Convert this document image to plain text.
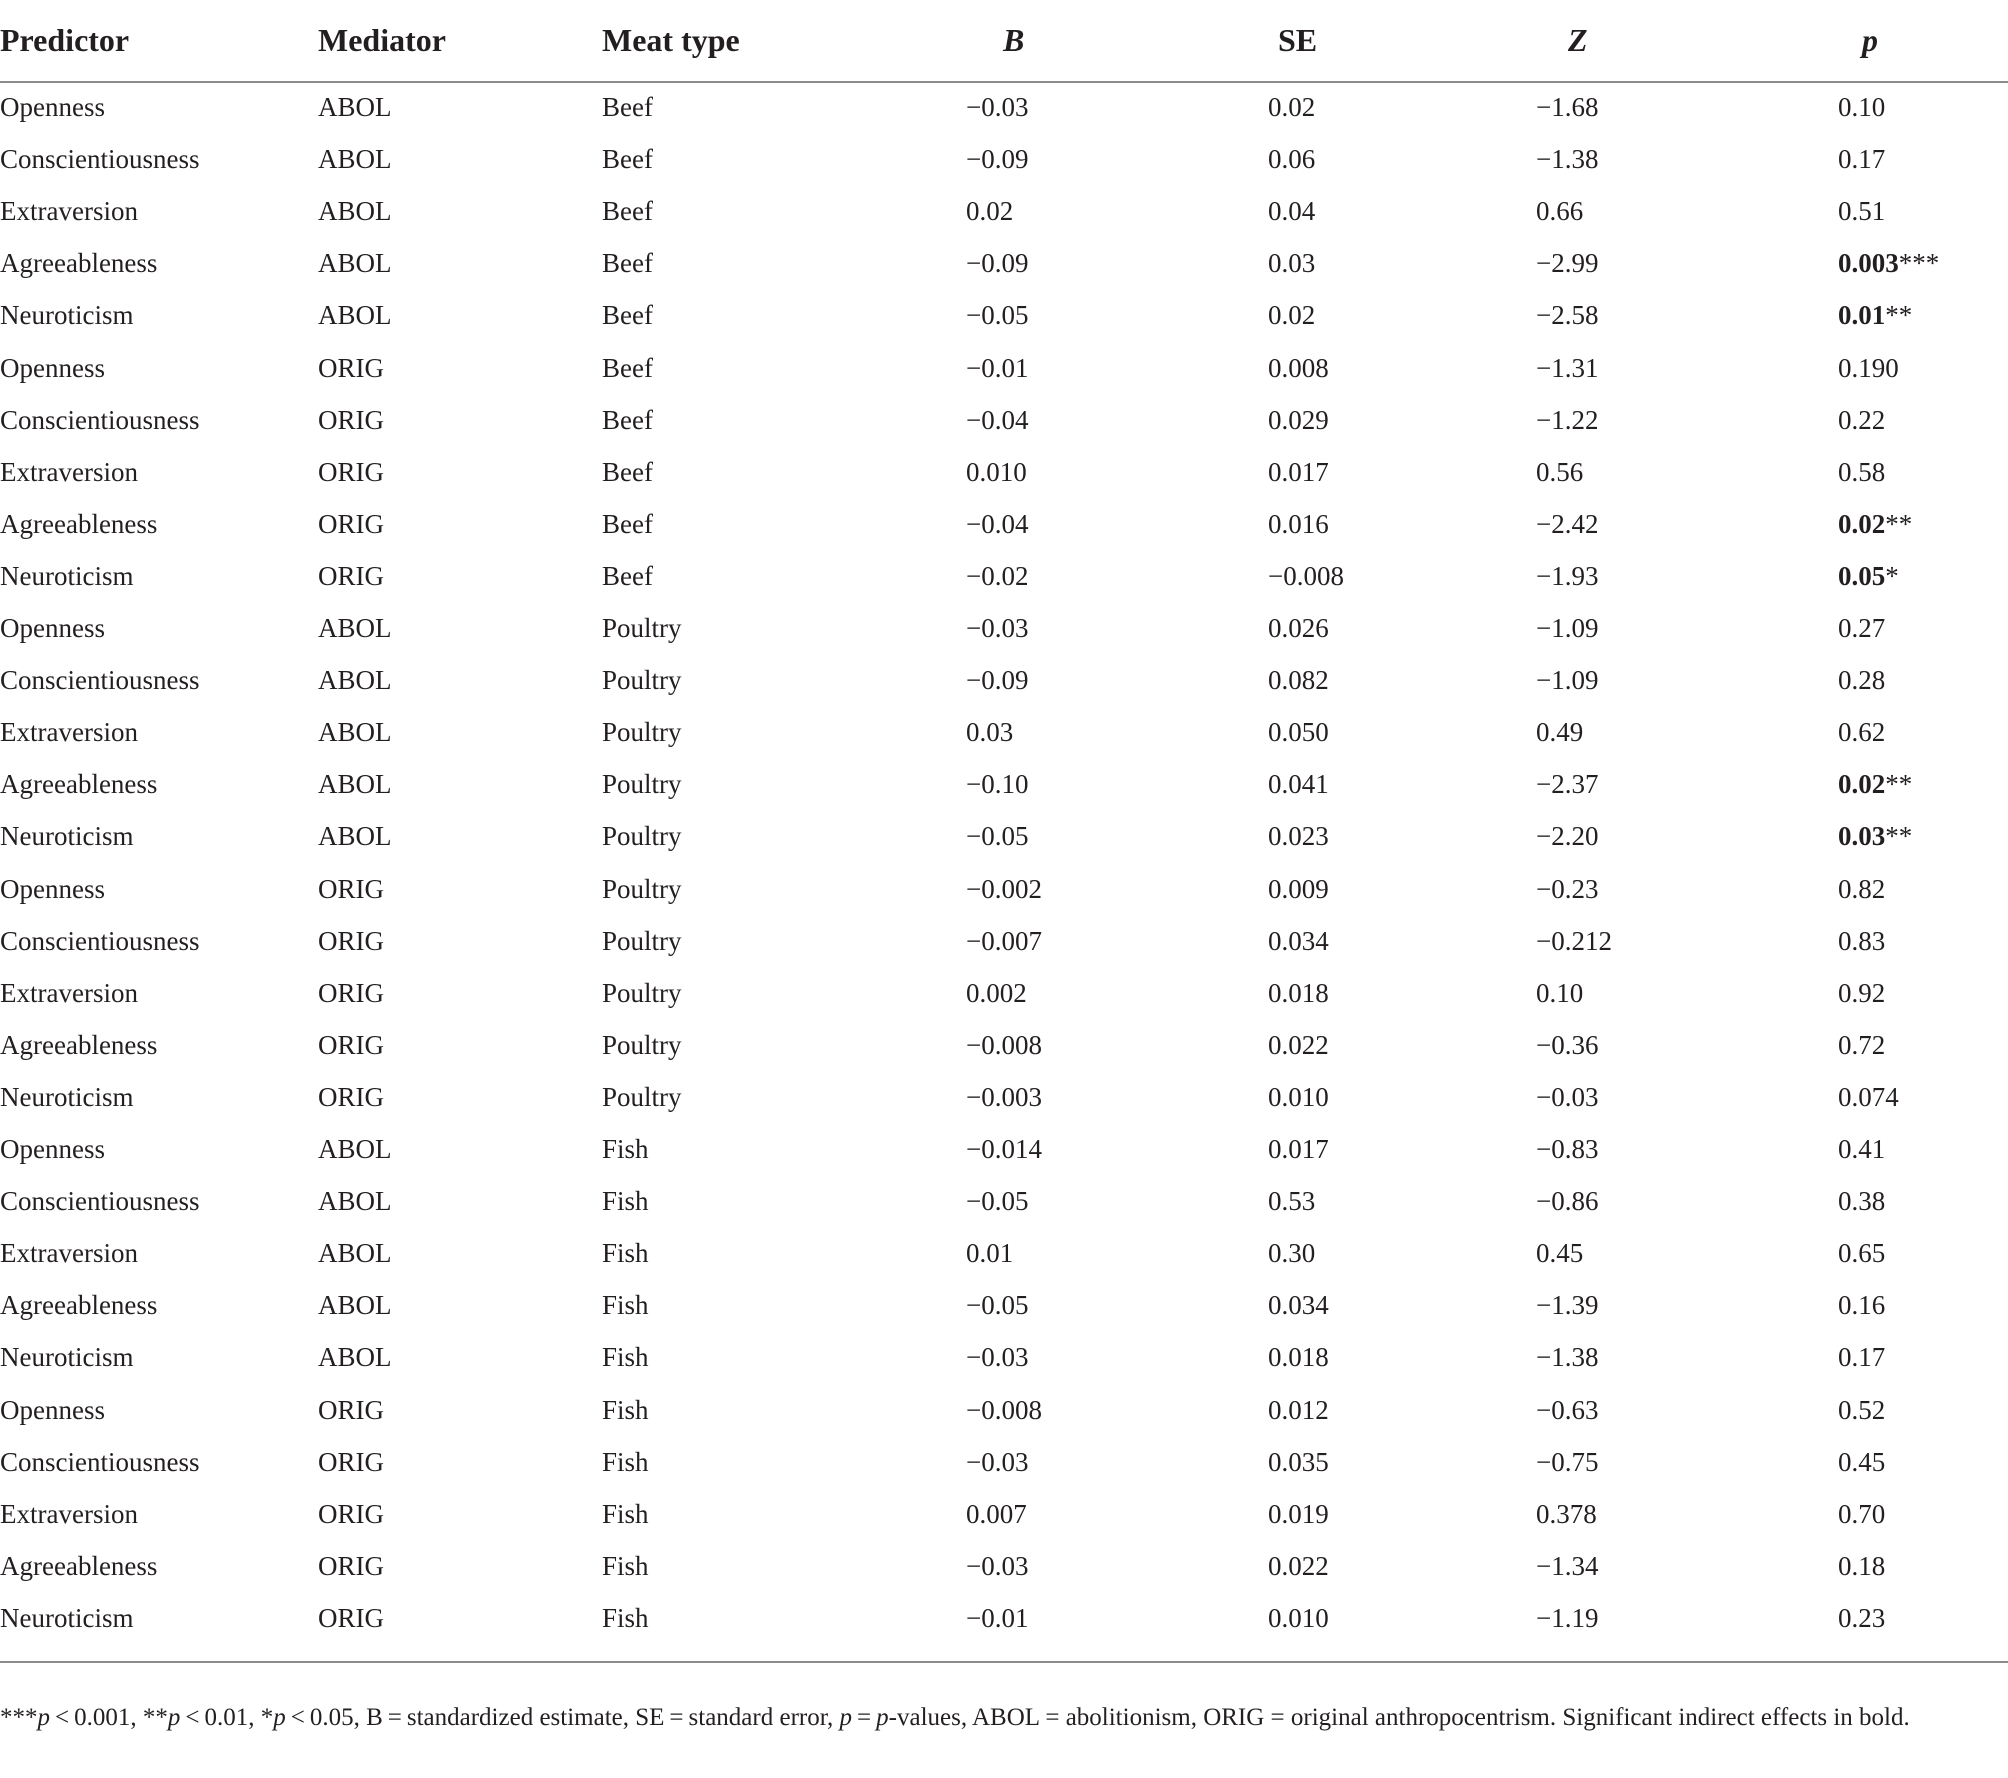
Predictor	Mediator	Meat type	B	SE	Z	p
Openness	ABOL	Beef	−0.03	0.02	−1.68	0.10
Conscientiousness	ABOL	Beef	−0.09	0.06	−1.38	0.17
Extraversion	ABOL	Beef	0.02	0.04	0.66	0.51
Agreeableness	ABOL	Beef	−0.09	0.03	−2.99	0.003***
Neuroticism	ABOL	Beef	−0.05	0.02	−2.58	0.01**
Openness	ORIG	Beef	−0.01	0.008	−1.31	0.190
Conscientiousness	ORIG	Beef	−0.04	0.029	−1.22	0.22
Extraversion	ORIG	Beef	0.010	0.017	0.56	0.58
Agreeableness	ORIG	Beef	−0.04	0.016	−2.42	0.02**
Neuroticism	ORIG	Beef	−0.02	−0.008	−1.93	0.05*
Openness	ABOL	Poultry	−0.03	0.026	−1.09	0.27
Conscientiousness	ABOL	Poultry	−0.09	0.082	−1.09	0.28
Extraversion	ABOL	Poultry	0.03	0.050	0.49	0.62
Agreeableness	ABOL	Poultry	−0.10	0.041	−2.37	0.02**
Neuroticism	ABOL	Poultry	−0.05	0.023	−2.20	0.03**
Openness	ORIG	Poultry	−0.002	0.009	−0.23	0.82
Conscientiousness	ORIG	Poultry	−0.007	0.034	−0.212	0.83
Extraversion	ORIG	Poultry	0.002	0.018	0.10	0.92
Agreeableness	ORIG	Poultry	−0.008	0.022	−0.36	0.72
Neuroticism	ORIG	Poultry	−0.003	0.010	−0.03	0.074
Openness	ABOL	Fish	−0.014	0.017	−0.83	0.41
Conscientiousness	ABOL	Fish	−0.05	0.53	−0.86	0.38
Extraversion	ABOL	Fish	0.01	0.30	0.45	0.65
Agreeableness	ABOL	Fish	−0.05	0.034	−1.39	0.16
Neuroticism	ABOL	Fish	−0.03	0.018	−1.38	0.17
Openness	ORIG	Fish	−0.008	0.012	−0.63	0.52
Conscientiousness	ORIG	Fish	−0.03	0.035	−0.75	0.45
Extraversion	ORIG	Fish	0.007	0.019	0.378	0.70
Agreeableness	ORIG	Fish	−0.03	0.022	−1.34	0.18
Neuroticism	ORIG	Fish	−0.01	0.010	−1.19	0.23
***p < 0.001, **p < 0.01, *p < 0.05, B = standardized estimate, SE = standard error, p = p-values, ABOL = abolitionism, ORIG = original anthropocentrism. Significant indirect effects in bold.
